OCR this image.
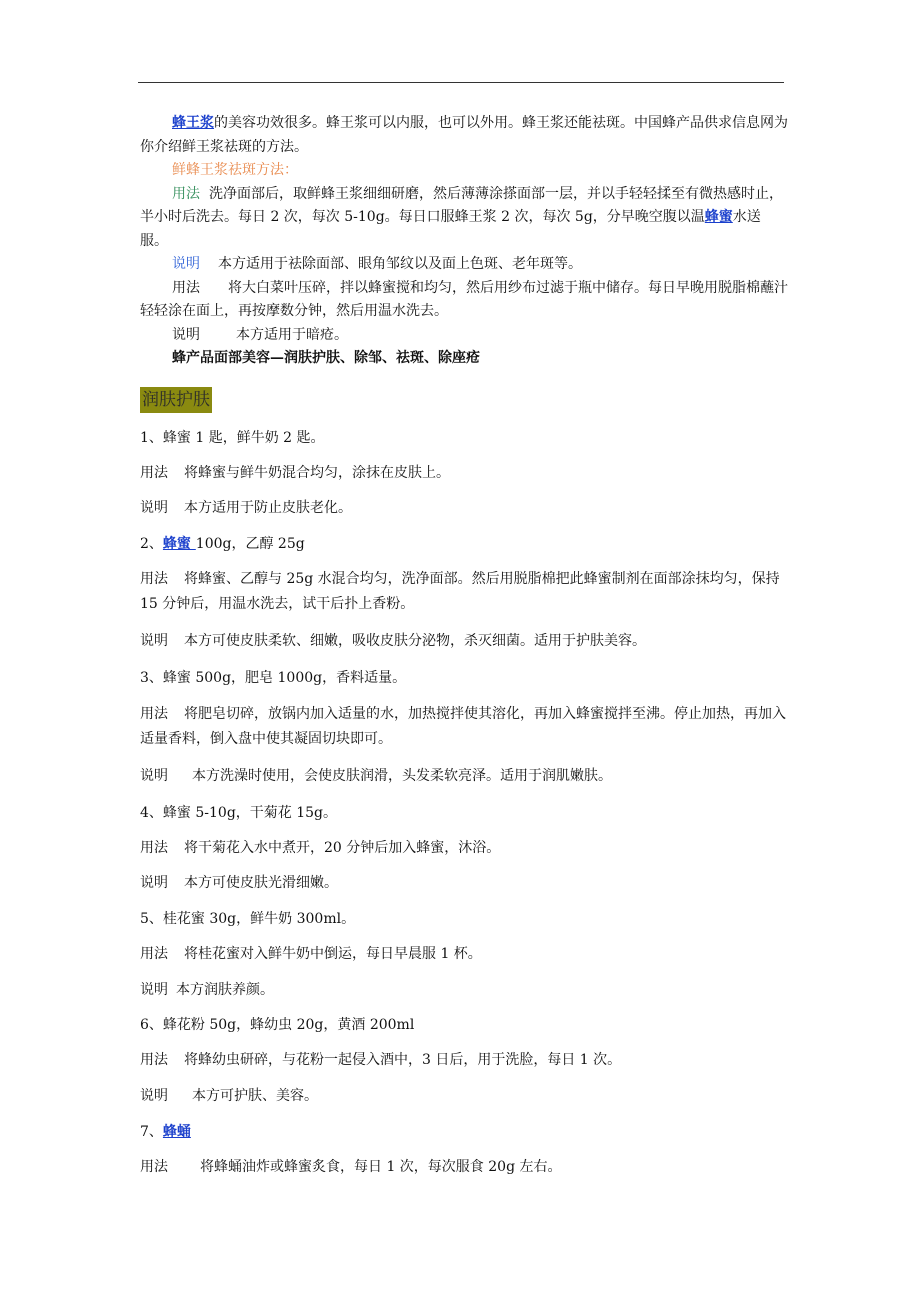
蜂王浆的美容功效很多。蜂王浆可以内服，也可以外用。蜂王浆还能祛斑。中国蜂产品供求信息网为你介绍鲜王浆祛斑的方法。

鲜蜂王浆祛斑方法：

用法 洗净面部后，取鲜蜂王浆细细研磨，然后薄薄涂搽面部一层，并以手轻轻揉至有微热感时止，半小时后洗去。每日 2 次，每次 5-10g。每日口服蜂王浆 2 次，每次 5g，分早晚空腹以温蜂蜜水送服。

说明 本方适用于祛除面部、眼角邹纹以及面上色斑、老年斑等。

用法 将大白菜叶压碎，拌以蜂蜜搅和均匀，然后用纱布过滤于瓶中储存。每日早晚用脱脂棉蘸汁轻轻涂在面上，再按摩数分钟，然后用温水洗去。

说明	本方适用于暗疮。

蜂产品面部美容—润肤护肤、除邹、祛斑、除座疮

润肤护肤
1、蜂蜜 1 匙，鲜牛奶 2 匙。
用法 将蜂蜜与鲜牛奶混合均匀，涂抹在皮肤上。
说明 本方适用于防止皮肤老化。
2、蜂蜜 100g，乙醇 25g
用法 将蜂蜜、乙醇与 25g 水混合均匀，洗净面部。然后用脱脂棉把此蜂蜜制剂在面部涂抹均匀，保持 15 分钟后，用温水洗去，试干后扑上香粉。
说明 本方可使皮肤柔软、细嫩，吸收皮肤分泌物，杀灭细菌。适用于护肤美容。
3、蜂蜜 500g，肥皂 1000g，香料适量。
用法 将肥皂切碎，放锅内加入适量的水，加热搅拌使其溶化，再加入蜂蜜搅拌至沸。停止加热，再加入适量香料，倒入盘中使其凝固切块即可。
说明 本方洗澡时使用，会使皮肤润滑，头发柔软亮泽。适用于润肌嫩肤。
4、蜂蜜 5-10g，干菊花 15g。
用法 将干菊花入水中煮开，20 分钟后加入蜂蜜，沐浴。
说明 本方可使皮肤光滑细嫩。
5、桂花蜜 30g，鲜牛奶 300ml。
用法 将桂花蜜对入鲜牛奶中倒运，每日早晨服 1 杯。
说明 本方润肤养颜。
6、蜂花粉 50g，蜂幼虫 20g，黄酒 200ml
用法 将蜂幼虫研碎，与花粉一起侵入酒中，3 日后，用于洗脸，每日 1 次。
说明 本方可护肤、美容。
7、蜂蛹
用法 将蜂蛹油炸或蜂蜜炙食，每日 1 次，每次服食 20g 左右。
